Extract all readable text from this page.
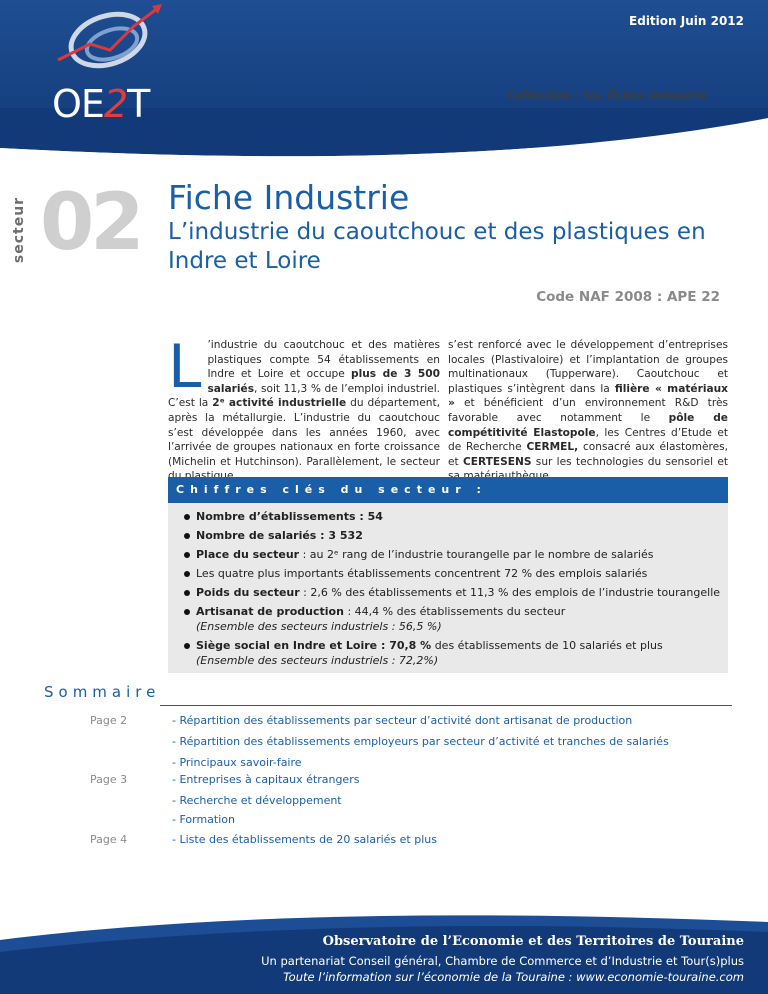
Edition Juin 2012
OE2T	Collection : les fiches Industrie
secteur 02 Fiche Industrie
L’industrie du caoutchouc et des plastiques en Indre et Loire
Code NAF 2008 : APE 22
L ’industrie du caoutchouc et des matières plastiques compte 54 établissements en Indre et Loire et occupe plus de 3 500 salariés, soit 11,3 % de l’emploi industriel. C’est la 2ᵉ activité industrielle du département, après la métallurgie. L’industrie du caoutchouc s’est développée dans les années 1960, avec l’arrivée de groupes nationaux en forte croissance (Michelin et Hutchinson). Parallèlement, le secteur
s’est renforcé avec le développement d’entreprises locales (Plastivaloire) et l’implantation de groupes multinationaux (Tupperware). Caoutchouc et plastiques s’intègrent dans la filière « matériaux » et bénéficient d’un environnement R&D très favorable avec notamment le pôle de compétitivité Elastopole, les Centres d’Etude et de Recherche CERMEL, consacré aux élastomères, et CERTESENS sur les technologies du sensoriel et
Chiffres clés du secteur :
Nombre d’établissements : 54
Nombre de salariés : 3 532
Place du secteur : au 2ᵉ rang de l’industrie tourangelle par le nombre de salariés
Les quatre plus importants établissements concentrent 72 % des emplois salariés
Poids du secteur : 2,6 % des établissements et 11,3 % des emplois de l’industrie tourangelle
Artisanat de production : 44,4 % des établissements du secteur
(Ensemble des secteurs industriels : 56,5 %)
Siège social en Indre et Loire : 70,8 % des établissements de 10 salariés et plus
(Ensemble des secteurs industriels : 72,2%)
Sommaire
Page 2	- Répartition des établissements par secteur d’activité dont artisanat de production
- Répartition des établissements employeurs par secteur d’activité et tranches de salariés
- Principaux savoir-faire
Page 3	- Entreprises à capitaux étrangers
- Recherche et développement
- Formation
Page 4	- Liste des établissements de 20 salariés et plus
Observatoire de l’Economie et des Territoires de Touraine
Un partenariat Conseil général, Chambre de Commerce et d’Industrie et Tour(s)plus
Toute l’information sur l’économie de la Touraine : www.economie-touraine.com
